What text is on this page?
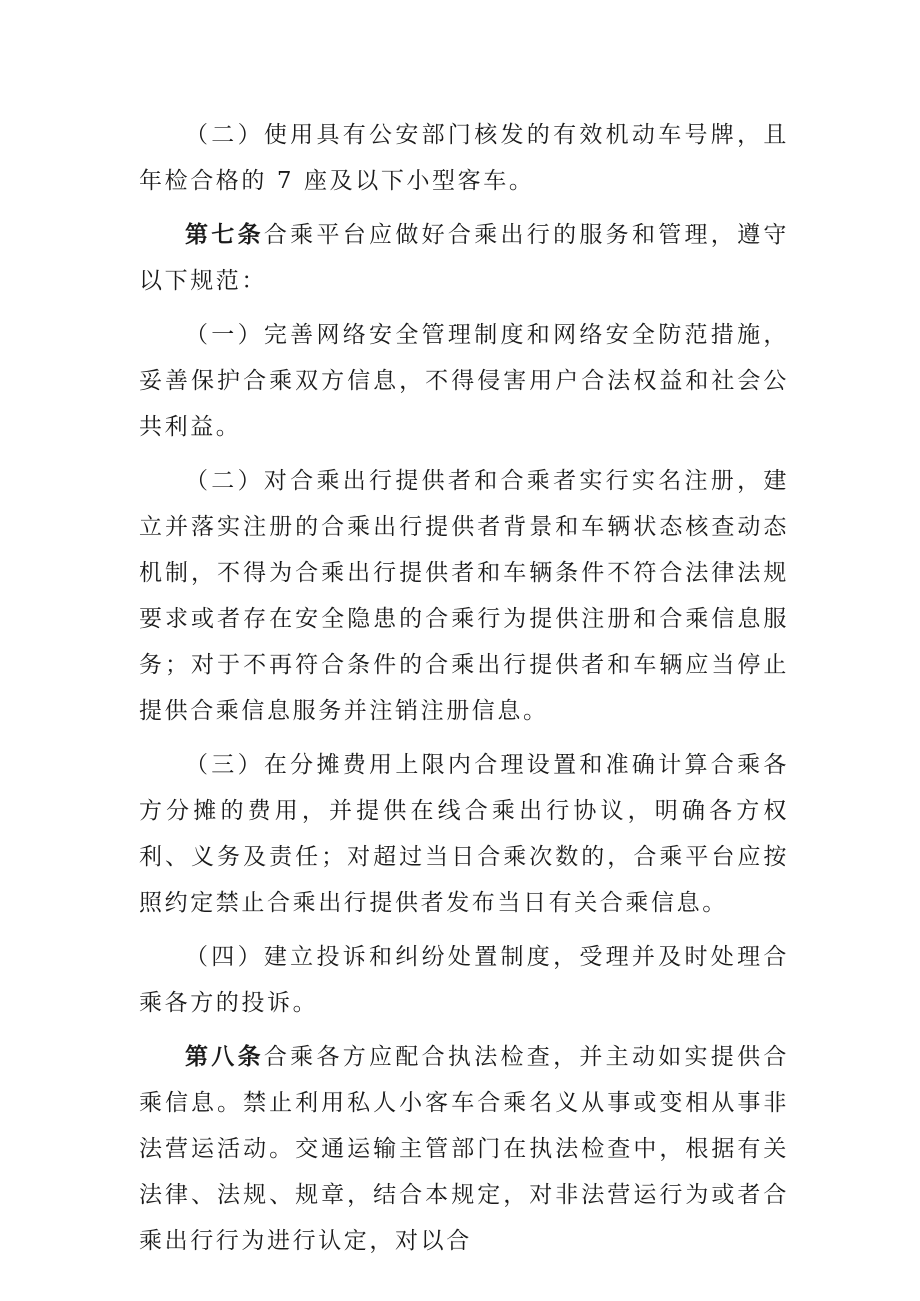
（二）使用具有公安部门核发的有效机动车号牌，且年检合格的 7 座及以下小型客车。

第七条合乘平台应做好合乘出行的服务和管理，遵守以下规范：

（一）完善网络安全管理制度和网络安全防范措施，妥善保护合乘双方信息，不得侵害用户合法权益和社会公共利益。

（二）对合乘出行提供者和合乘者实行实名注册，建立并落实注册的合乘出行提供者背景和车辆状态核查动态机制，不得为合乘出行提供者和车辆条件不符合法律法规要求或者存在安全隐患的合乘行为提供注册和合乘信息服务；对于不再符合条件的合乘出行提供者和车辆应当停止提供合乘信息服务并注销注册信息。

（三）在分摊费用上限内合理设置和准确计算合乘各方分摊的费用，并提供在线合乘出行协议，明确各方权利、义务及责任；对超过当日合乘次数的，合乘平台应按照约定禁止合乘出行提供者发布当日有关合乘信息。

（四）建立投诉和纠纷处置制度，受理并及时处理合乘各方的投诉。

第八条合乘各方应配合执法检查，并主动如实提供合乘信息。禁止利用私人小客车合乘名义从事或变相从事非法营运活动。交通运输主管部门在执法检查中，根据有关法律、法规、规章，结合本规定，对非法营运行为或者合乘出行行为进行认定，对以合
